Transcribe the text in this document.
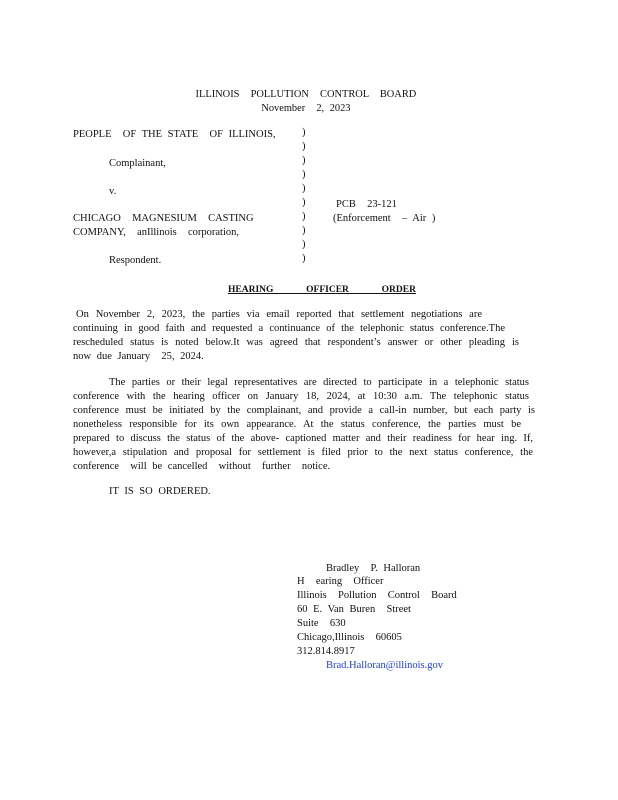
ILLINOIS  POLLUTION  CONTROL  BOARD
November  2, 2023
PEOPLE  OF THE STATE  OF ILLINOIS,
Complainant,
v.
CHICAGO  MAGNESIUM  CASTING
COMPANY,  anIllinois  corporation,
Respondent.
)
)
)
)
)
)
)
)
)
)
PCB  23-121
(Enforcement  – Air )
HEARING  OFFICER  ORDER
On November 2, 2023, the parties via email reported that settlement negotiations are
continuing in good faith and requested a continuance of the telephonic status conference.The
rescheduled status is noted below.It was agreed that respondent’s answer or other pleading is
now due January  25, 2024.
The parties or their legal representatives are directed to participate in a telephonic status
conference with the hearing officer on January 18, 2024, at 10:30 a.m. The telephonic status
conference must be initiated by the complainant, and provide a call-in number, but each party is
nonetheless responsible for its own appearance. At the status conference, the parties must be
prepared to discuss the status of the above- captioned matter and their readiness for hear ing. If,
however,a stipulation and proposal for settlement is filed prior to the next status conference, the
conference  will be cancelled  without  further  notice.
IT IS SO ORDERED.
Bradley  P. Halloran
H  earing  Officer
Illinois  Pollution  Control  Board
60 E. Van Buren  Street
Suite  630
Chicago,Illinois  60605
312.814.8917
Brad.Halloran@illinois.gov
